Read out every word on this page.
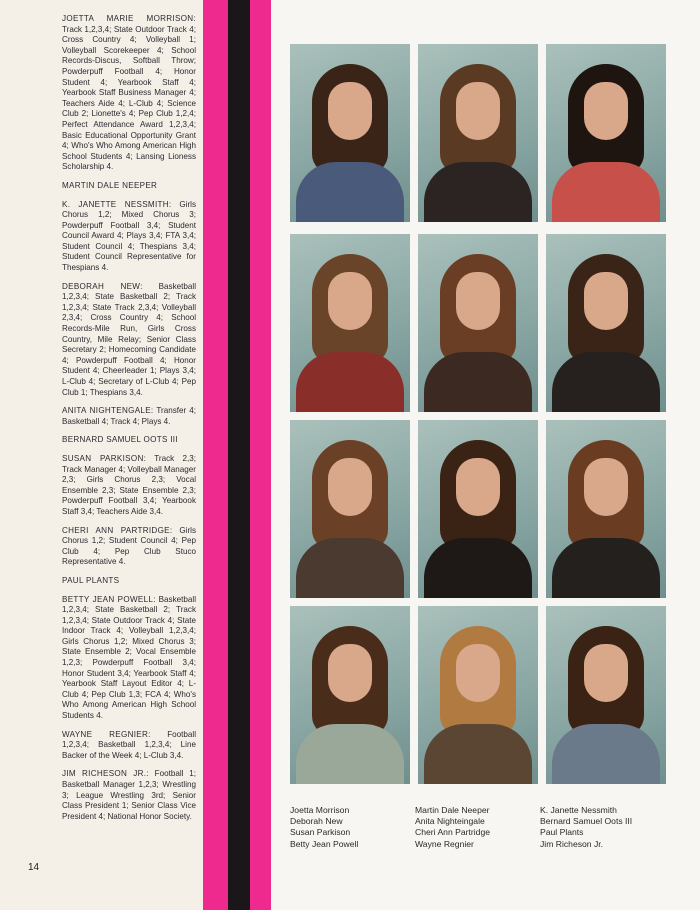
JOETTA MARIE MORRISON: Track 1,2,3,4; State Outdoor Track 4; Cross Country 4; Volleyball 1; Volleyball Scorekeeper 4; School Records-Discus, Softball Throw; Powderpuff Football 4; Honor Student 4; Yearbook Staff 4; Yearbook Staff Business Manager 4; Teachers Aide 4; L-Club 4; Science Club 2; Lionette's 4; Pep Club 1,2,4; Perfect Attendance Award 1,2,3,4; Basic Educational Opportunity Grant 4; Who's Who Among American High School Students 4; Lansing Lioness Scholarship 4.

MARTIN DALE NEEPER

K. JANETTE NESSMITH: Girls Chorus 1,2; Mixed Chorus 3; Powderpuff Football 3,4; Student Council Award 4; Plays 3,4; FTA 3,4; Student Council 4; Thespians 3,4; Student Council Representative for Thespians 4.

DEBORAH NEW: Basketball 1,2,3,4; State Basketball 2; Track 1,2,3,4; State Track 2,3,4; Volleyball 2,3,4; Cross Country 4; School Records-Mile Run, Girls Cross Country, Mile Relay; Senior Class Secretary 2; Homecoming Candidate 4; Powderpuff Football 4; Honor Student 4; Cheerleader 1; Plays 3,4; L-Club 4; Secretary of L-Club 4; Pep Club 1; Thespians 3,4.

ANITA NIGHTENGALE: Transfer 4; Basketball 4; Track 4; Plays 4.

BERNARD SAMUEL OOTS III

SUSAN PARKISON: Track 2,3; Track Manager 4; Volleyball Manager 2,3; Girls Chorus 2,3; Vocal Ensemble 2,3; State Ensemble 2,3; Powderpuff Football 3,4; Yearbook Staff 3,4; Teachers Aide 3,4.

CHERI ANN PARTRIDGE: Girls Chorus 1,2; Student Council 4; Pep Club 4; Pep Club Stuco Representative 4.

PAUL PLANTS

BETTY JEAN POWELL: Basketball 1,2,3,4; State Basketball 2; Track 1,2,3,4; State Outdoor Track 4; State Indoor Track 4; Volleyball 1,2,3,4; Girls Chorus 1,2; Mixed Chorus 3; State Ensemble 2; Vocal Ensemble 1,2,3; Powderpuff Football 3,4; Honor Student 3,4; Yearbook Staff 4; Yearbook Staff Layout Editor 4; L-Club 4; Pep Club 1,3; FCA 4; Who's Who Among American High School Students 4.

WAYNE REGNIER: Football 1,2,3,4; Basketball 1,2,3,4; Line Backer of the Week 4; L-Club 3,4.

JIM RICHESON JR.: Football 1; Basketball Manager 1,2,3; Wrestling 3; League Wrestling 3rd; Senior Class President 1; Senior Class Vice President 4; National Honor Society.

14
Joetta Morrison
Deborah New
Susan Parkison
Betty Jean Powell
Martin Dale Neeper
Anita Nighteingale
Cheri Ann Partridge
Wayne Regnier
K. Janette Nessmith
Bernard Samuel Oots III
Paul Plants
Jim Richeson Jr.
